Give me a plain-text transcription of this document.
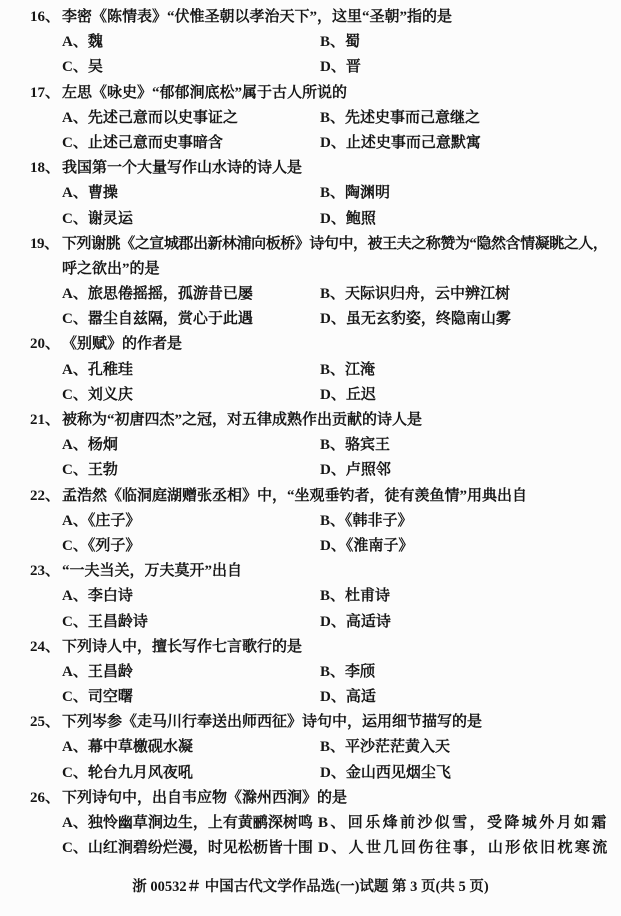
16、 李密《陈情表》“伏惟圣朝以孝治天下”，这里“圣朝”指的是
A、魏	B、蜀
C、吴	D、晋
17、 左思《咏史》“郁郁涧底松”属于古人所说的
A、先述己意而以史事证之	B、先述史事而己意继之
C、止述己意而史事暗含	D、止述史事而己意默寓
18、 我国第一个大量写作山水诗的诗人是
A、曹操	B、陶渊明
C、谢灵运	D、鲍照
19、 下列谢朓《之宣城郡出新林浦向板桥》诗句中，被王夫之称赞为“隐然含情凝眺之人，
呼之欲出”的是
A、旅思倦摇摇，孤游昔已屡	B、天际识归舟，云中辨江树
C、嚣尘自兹隔，赏心于此遇	D、虽无玄豹姿，终隐南山雾
20、 《别赋》的作者是
A、孔稚珪	B、江淹
C、刘义庆	D、丘迟
21、 被称为“初唐四杰”之冠，对五律成熟作出贡献的诗人是
A、杨炯	B、骆宾王
C、王勃	D、卢照邻
22、 孟浩然《临洞庭湖赠张丞相》中，“坐观垂钓者，徒有羡鱼情”用典出自
A、《庄子》	B、《韩非子》
C、《列子》	D、《淮南子》
23、 “一夫当关，万夫莫开”出自
A、李白诗	B、杜甫诗
C、王昌龄诗	D、高适诗
24、 下列诗人中，擅长写作七言歌行的是
A、王昌龄	B、李颀
C、司空曙	D、高适
25、 下列岑参《走马川行奉送出师西征》诗句中，运用细节描写的是
A、幕中草檄砚水凝	B、平沙茫茫黄入天
C、轮台九月风夜吼	D、金山西见烟尘飞
26、 下列诗句中，出自韦应物《滁州西涧》的是
A、独怜幽草涧边生，上有黄鹂深树鸣 B、回乐烽前沙似雪，受降城外月如霜
C、山红涧碧纷烂漫，时见松枥皆十围 D、人世几回伤往事，山形依旧枕寒流
浙 00532＃ 中国古代文学作品选(一)试题 第 3 页(共 5 页)
